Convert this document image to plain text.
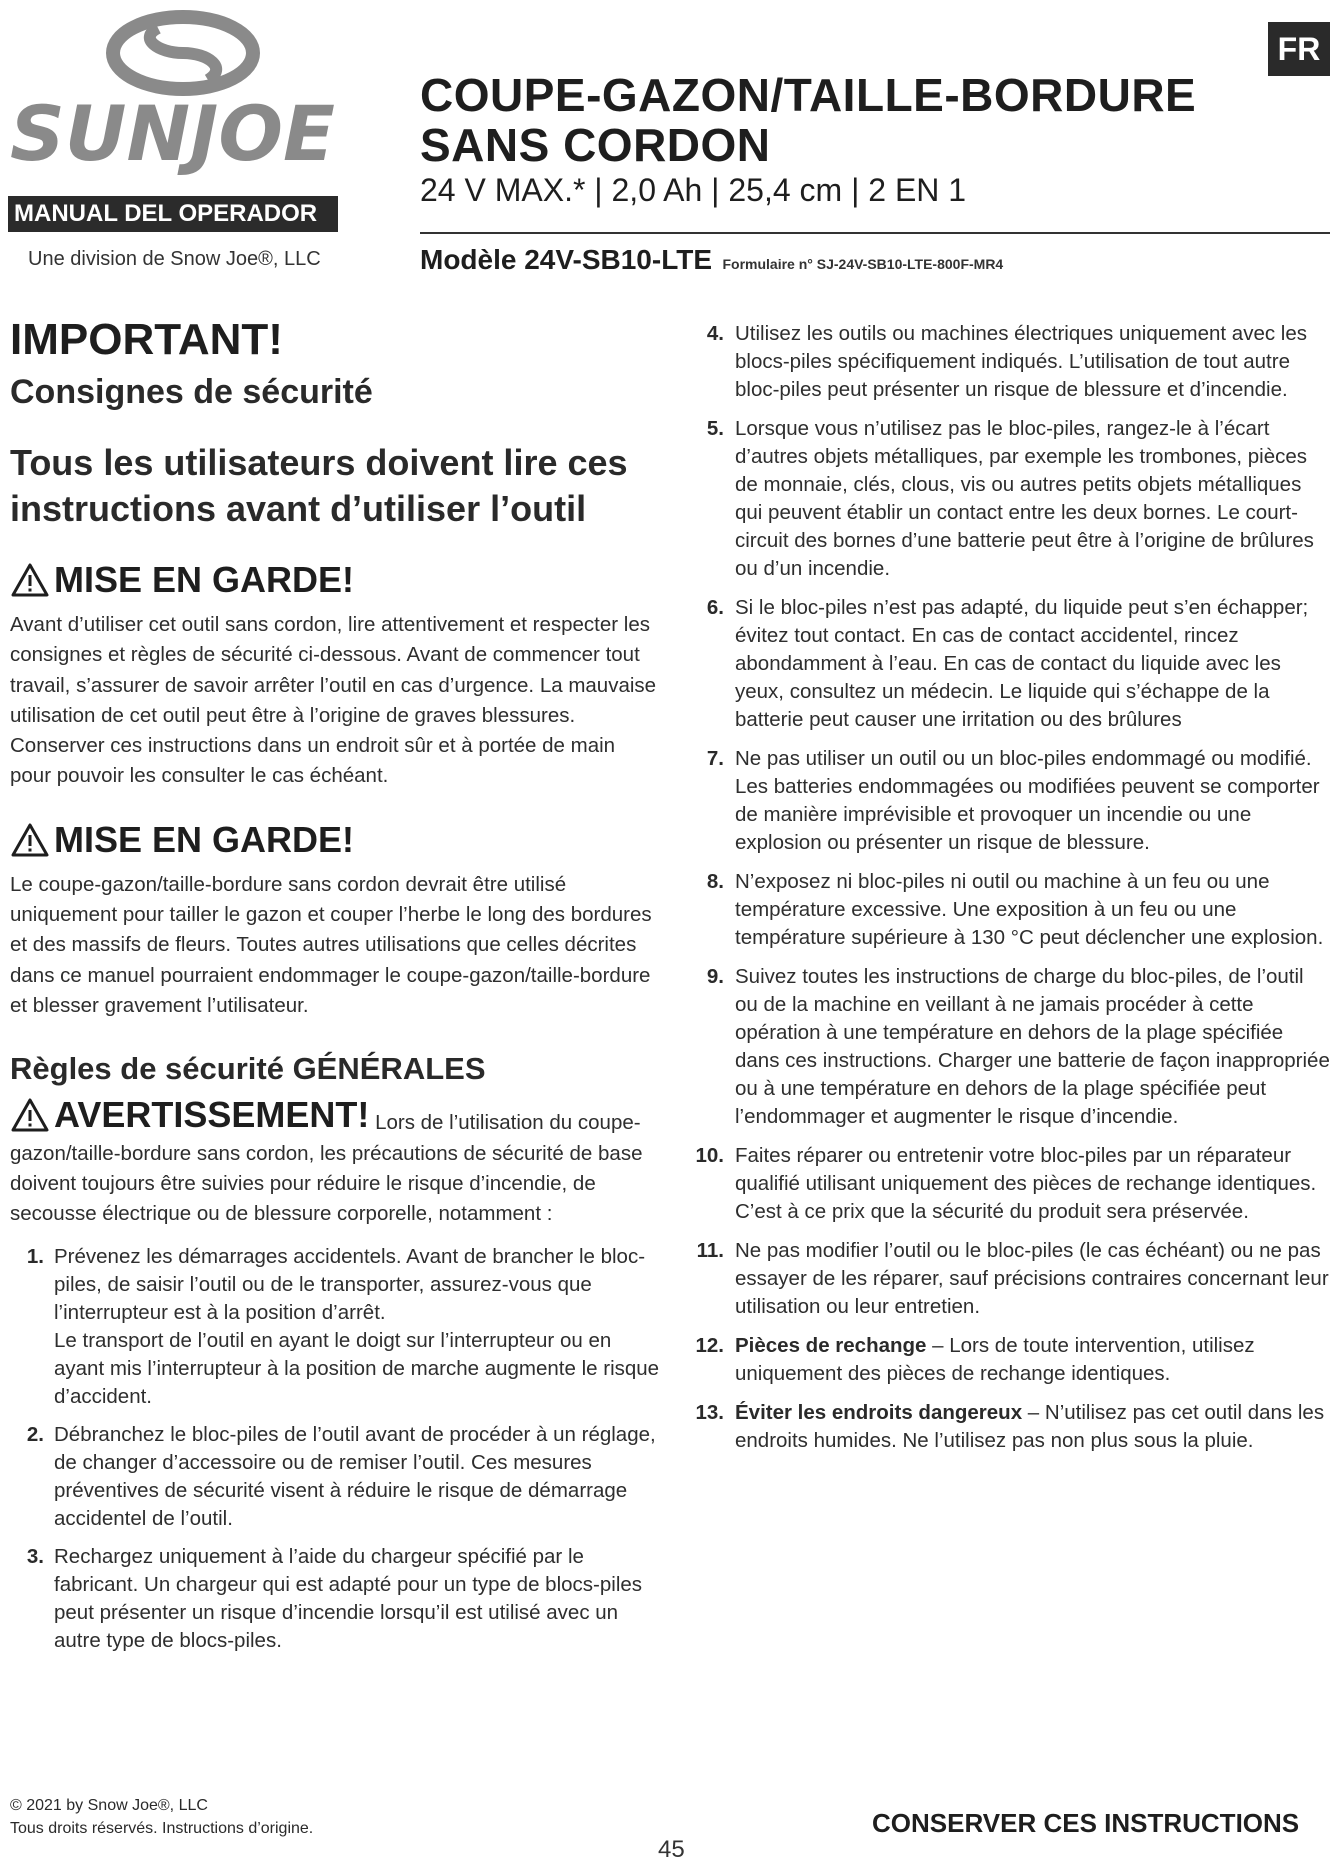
SUNJOE
FR
MANUAL DEL OPERADOR
Une division de Snow Joe®, LLC
COUPE-GAZON/TAILLE-BORDURE
SANS CORDON
24 V MAX.* | 2,0 Ah | 25,4 cm | 2 EN 1
Modèle 24V-SB10-LTE Formulaire n° SJ-24V-SB10-LTE-800F-MR4
IMPORTANT!
Consignes de sécurité
Tous les utilisateurs doivent lire ces instructions avant d’utiliser l’outil
MISE EN GARDE!

Avant d’utiliser cet outil sans cordon, lire attentivement et respecter les consignes et règles de sécurité ci-dessous. Avant de commencer tout travail, s’assurer de savoir arrêter l’outil en cas d’urgence. La mauvaise utilisation de cet outil peut être à l’origine de graves blessures. Conserver ces instructions dans un endroit sûr et à portée de main pour pouvoir les consulter le cas échéant.

MISE EN GARDE!

Le coupe-gazon/taille-bordure sans cordon devrait être utilisé uniquement pour tailler le gazon et couper l’herbe le long des bordures et des massifs de fleurs. Toutes autres utilisations que celles décrites dans ce manuel pourraient endommager le coupe-gazon/taille-bordure et blesser gravement l’utilisateur.

Règles de sécurité GÉNÉRALES
AVERTISSEMENT! Lors de l’utilisation du coupe-gazon/taille-bordure sans cordon, les précautions de sécurité de base doivent toujours être suivies pour réduire le risque d’incendie, de secousse électrique ou de blessure corporelle, notamment :
1. Prévenez les démarrages accidentels. Avant de brancher le bloc-piles, de saisir l’outil ou de le transporter, assurez-vous que l’interrupteur est à la position d’arrêt.
Le transport de l’outil en ayant le doigt sur l’interrupteur ou en ayant mis l’interrupteur à la position de marche augmente le risque d’accident.
2. Débranchez le bloc-piles de l’outil avant de procéder à un réglage, de changer d’accessoire ou de remiser l’outil. Ces mesures préventives de sécurité visent à réduire le risque de démarrage accidentel de l’outil.
3. Rechargez uniquement à l’aide du chargeur spécifié par le fabricant. Un chargeur qui est adapté pour un type de blocs-piles peut présenter un risque d’incendie lorsqu’il est utilisé avec un autre type de blocs-piles.
4. Utilisez les outils ou machines électriques uniquement avec les blocs-piles spécifiquement indiqués. L’utilisation de tout autre bloc-piles peut présenter un risque de blessure et d’incendie.
5. Lorsque vous n’utilisez pas le bloc-piles, rangez-le à l’écart d’autres objets métalliques, par exemple les trombones, pièces de monnaie, clés, clous, vis ou autres petits objets métalliques qui peuvent établir un contact entre les deux bornes. Le court-circuit des bornes d’une batterie peut être à l’origine de brûlures ou d’un incendie.
6. Si le bloc-piles n’est pas adapté, du liquide peut s’en échapper; évitez tout contact. En cas de contact accidentel, rincez abondamment à l’eau. En cas de contact du liquide avec les yeux, consultez un médecin. Le liquide qui s’échappe de la batterie peut causer une irritation ou des brûlures
7. Ne pas utiliser un outil ou un bloc-piles endommagé ou modifié. Les batteries endommagées ou modifiées peuvent se comporter de manière imprévisible et provoquer un incendie ou une explosion ou présenter un risque de blessure.
8. N’exposez ni bloc-piles ni outil ou machine à un feu ou une température excessive. Une exposition à un feu ou une température supérieure à 130 °C peut déclencher une explosion.
9. Suivez toutes les instructions de charge du bloc-piles, de l’outil ou de la machine en veillant à ne jamais procéder à cette opération à une température en dehors de la plage spécifiée dans ces instructions. Charger une batterie de façon inappropriée ou à une température en dehors de la plage spécifiée peut l’endommager et augmenter le risque d’incendie.
10. Faites réparer ou entretenir votre bloc-piles par un réparateur qualifié utilisant uniquement des pièces de rechange identiques. C’est à ce prix que la sécurité du produit sera préservée.
11. Ne pas modifier l’outil ou le bloc-piles (le cas échéant) ou ne pas essayer de les réparer, sauf précisions contraires concernant leur utilisation ou leur entretien.
12. Pièces de rechange – Lors de toute intervention, utilisez uniquement des pièces de rechange identiques.
13. Éviter les endroits dangereux – N’utilisez pas cet outil dans les endroits humides. Ne l’utilisez pas non plus sous la pluie.
© 2021 by Snow Joe®, LLC
Tous droits réservés. Instructions d’origine.
45
CONSERVER CES INSTRUCTIONS
